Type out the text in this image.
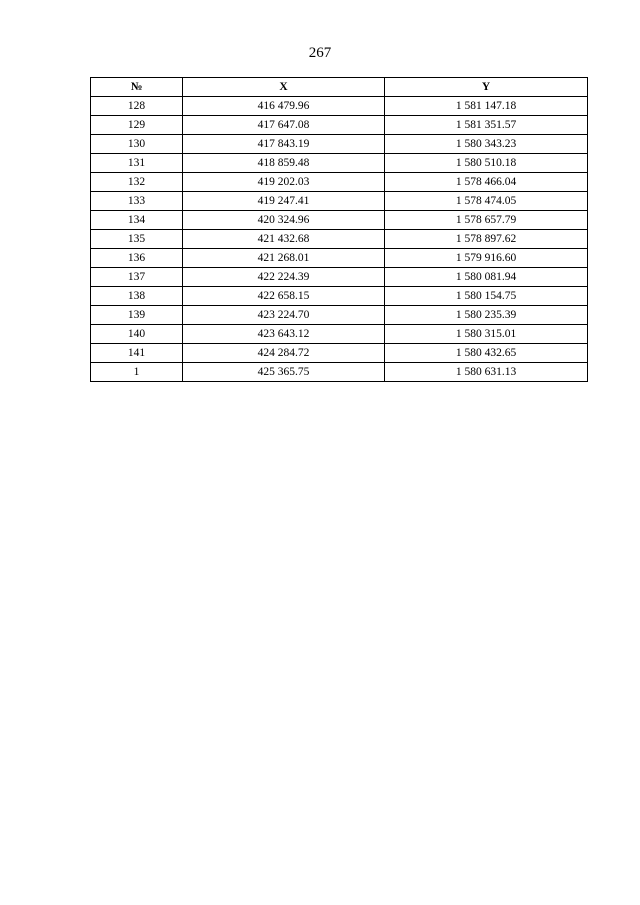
267
№	X	Y
128	416 479.96	1 581 147.18
129	417 647.08	1 581 351.57
130	417 843.19	1 580 343.23
131	418 859.48	1 580 510.18
132	419 202.03	1 578 466.04
133	419 247.41	1 578 474.05
134	420 324.96	1 578 657.79
135	421 432.68	1 578 897.62
136	421 268.01	1 579 916.60
137	422 224.39	1 580 081.94
138	422 658.15	1 580 154.75
139	423 224.70	1 580 235.39
140	423 643.12	1 580 315.01
141	424 284.72	1 580 432.65
1	425 365.75	1 580 631.13
